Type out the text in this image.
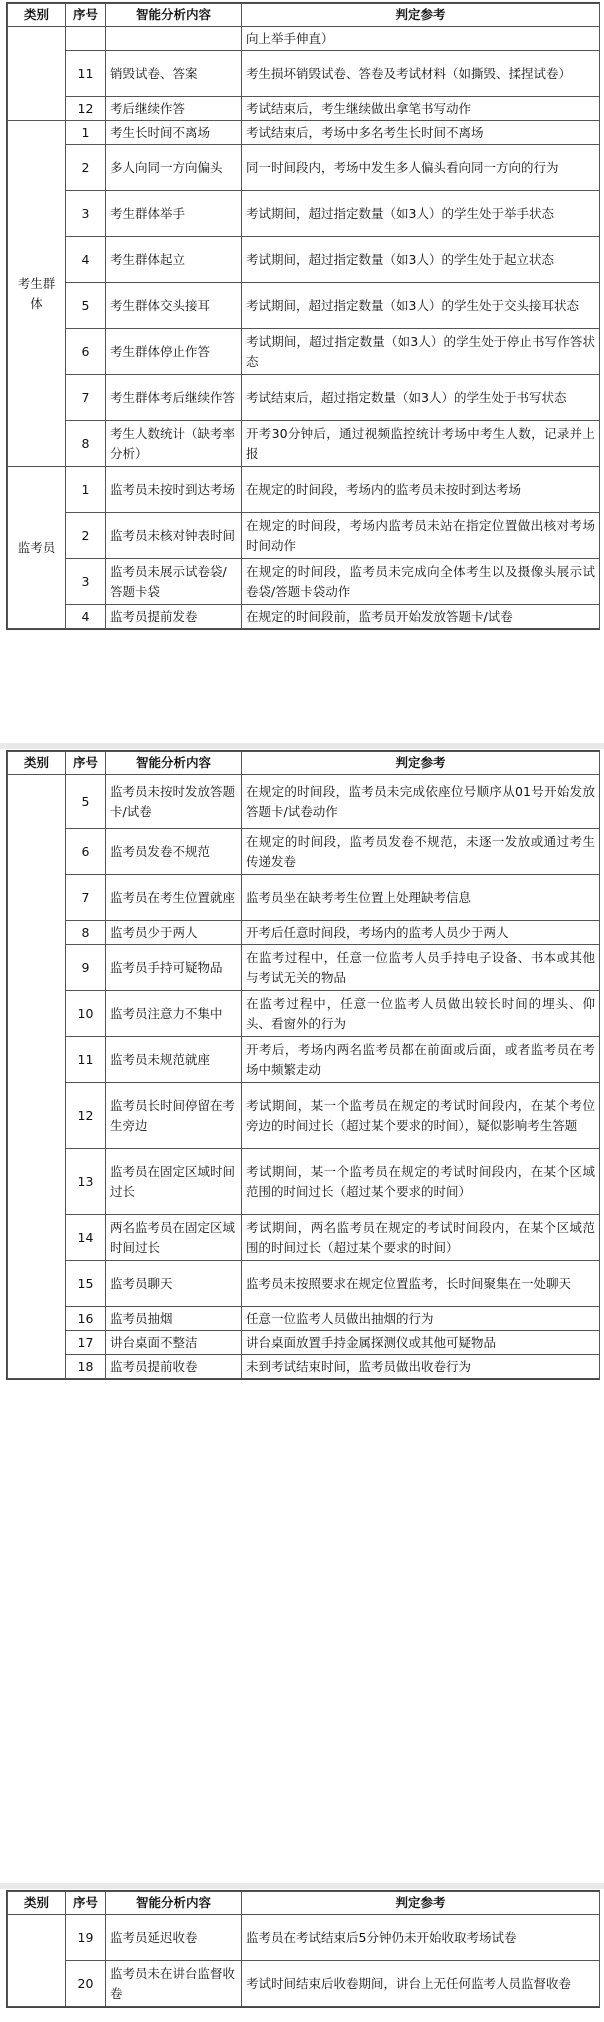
类别	序号	智能分析内容	判定参考
			向上举手伸直）
	11	销毁试卷、答案	考生损坏销毁试卷、答卷及考试材料（如撕毁、揉捏试卷）
	12	考后继续作答	考试结束后，考生继续做出拿笔书写动作
考生群体	1	考生长时间不离场	考试结束后，考场中多名考生长时间不离场
	2	多人向同一方向偏头	同一时间段内，考场中发生多人偏头看向同一方向的行为
	3	考生群体举手	考试期间，超过指定数量（如3人）的学生处于举手状态
	4	考生群体起立	考试期间，超过指定数量（如3人）的学生处于起立状态
	5	考生群体交头接耳	考试期间，超过指定数量（如3人）的学生处于交头接耳状态
	6	考生群体停止作答	考试期间，超过指定数量（如3人）的学生处于停止书写作答状态
	7	考生群体考后继续作答	考试结束后，超过指定数量（如3人）的学生处于书写状态
	8	考生人数统计（缺考率分析）	开考30分钟后，通过视频监控统计考场中考生人数，记录并上报
监考员	1	监考员未按时到达考场	在规定的时间段，考场内的监考员未按时到达考场
	2	监考员未核对钟表时间	在规定的时间段，考场内监考员未站在指定位置做出核对考场时间动作
	3	监考员未展示试卷袋/答题卡袋	在规定的时间段，监考员未完成向全体考生以及摄像头展示试卷袋/答题卡袋动作
	4	监考员提前发卷	在规定的时间段前，监考员开始发放答题卡/试卷
类别	序号	智能分析内容	判定参考
	5	监考员未按时发放答题卡/试卷	在规定的时间段，监考员未完成依座位号顺序从01号开始发放答题卡/试卷动作
	6	监考员发卷不规范	在规定的时间段，监考员发卷不规范，未逐一发放或通过考生传递发卷
	7	监考员在考生位置就座	监考员坐在缺考考生位置上处理缺考信息
	8	监考员少于两人	开考后任意时间段，考场内的监考人员少于两人
	9	监考员手持可疑物品	在监考过程中，任意一位监考人员手持电子设备、书本或其他与考试无关的物品
	10	监考员注意力不集中	在监考过程中，任意一位监考人员做出较长时间的埋头、仰头、看窗外的行为
	11	监考员未规范就座	开考后，考场内两名监考员都在前面或后面，或者监考员在考场中频繁走动
	12	监考员长时间停留在考生旁边	考试期间，某一个监考员在规定的考试时间段内，在某个考位旁边的时间过长（超过某个要求的时间），疑似影响考生答题
	13	监考员在固定区域时间过长	考试期间，某一个监考员在规定的考试时间段内，在某个区域范围的时间过长（超过某个要求的时间）
	14	两名监考员在固定区域时间过长	考试期间，两名监考员在规定的考试时间段内，在某个区域范围的时间过长（超过某个要求的时间）
	15	监考员聊天	监考员未按照要求在规定位置监考，长时间聚集在一处聊天
	16	监考员抽烟	任意一位监考人员做出抽烟的行为
	17	讲台桌面不整洁	讲台桌面放置手持金属探测仪或其他可疑物品
	18	监考员提前收卷	未到考试结束时间，监考员做出收卷行为
类别	序号	智能分析内容	判定参考
	19	监考员延迟收卷	监考员在考试结束后5分钟仍未开始收取考场试卷
	20	监考员未在讲台监督收卷	考试时间结束后收卷期间，讲台上无任何监考人员监督收卷
